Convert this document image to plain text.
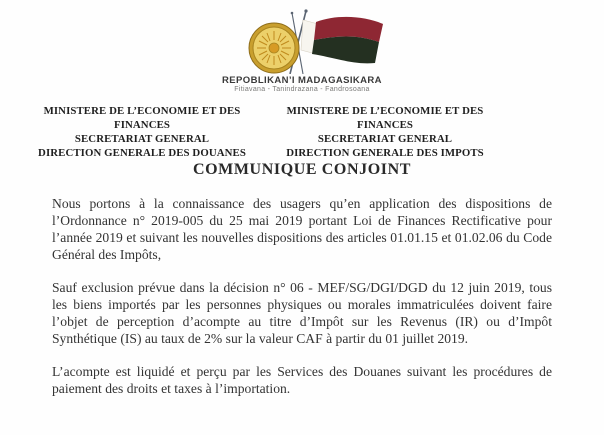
REPOBLIKAN’I MADAGASIKARA
Fitiavana - Tanindrazana - Fandrosoana
MINISTERE DE L’ECONOMIE ET DES FINANCES
SECRETARIAT GENERAL
DIRECTION GENERALE DES DOUANES
MINISTERE DE L’ECONOMIE ET DES FINANCES
SECRETARIAT GENERAL
DIRECTION GENERALE DES IMPOTS
COMMUNIQUE CONJOINT

Nous portons à la connaissance des usagers qu’en application des dispositions de l’Ordonnance n° 2019-005 du 25 mai 2019 portant Loi de Finances Rectificative pour l’année 2019 et suivant les nouvelles dispositions des articles 01.01.15 et 01.02.06 du Code Général des Impôts,

Sauf exclusion prévue dans la décision n° 06 - MEF/SG/DGI/DGD du 12 juin 2019, tous les biens importés par les personnes physiques ou morales immatriculées doivent faire l’objet de perception d’acompte au titre d’Impôt sur les Revenus (IR) ou d’Impôt Synthétique (IS) au taux de 2% sur la valeur CAF à partir du 01 juillet 2019.

L’acompte est liquidé et perçu par les Services des Douanes suivant les procédures de paiement des droits et taxes à l’importation.
